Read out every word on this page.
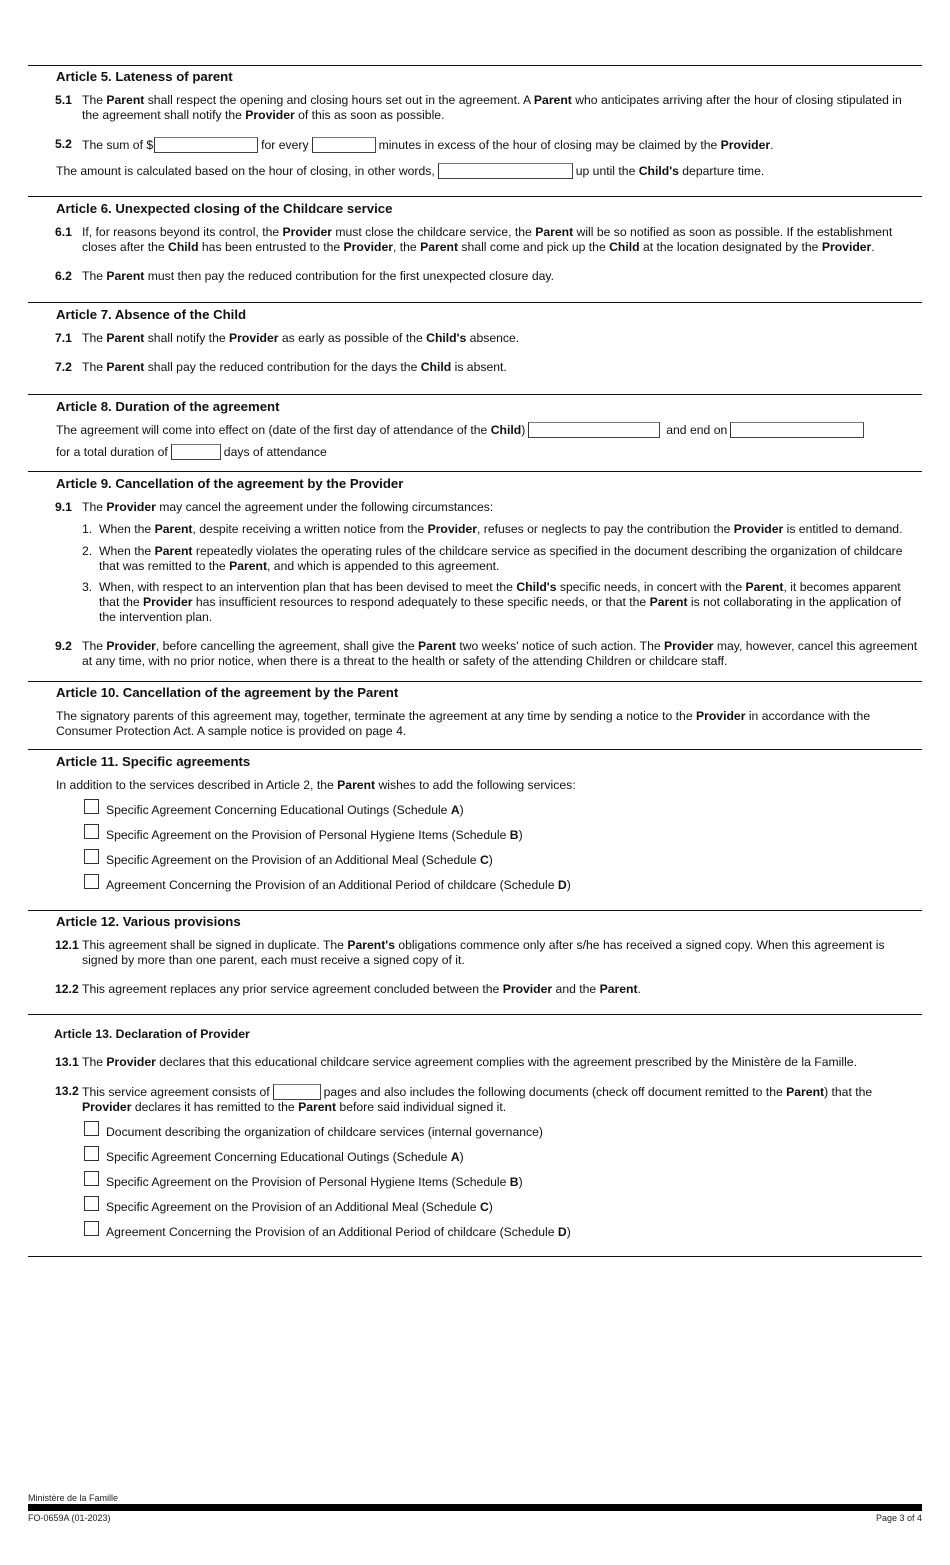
Article 5. Lateness of parent
5.1 The Parent shall respect the opening and closing hours set out in the agreement. A Parent who anticipates arriving after the hour of closing stipulated in the agreement shall notify the Provider of this as soon as possible.
5.2 The sum of $	for every	minutes in excess of the hour of closing may be claimed by the Provider.
The amount is calculated based on the hour of closing, in other words,	up until the Child's departure time.
Article 6. Unexpected closing of the Childcare service
6.1 If, for reasons beyond its control, the Provider must close the childcare service, the Parent will be so notified as soon as possible. If the establishment closes after the Child has been entrusted to the Provider, the Parent shall come and pick up the Child at the location designated by the Provider.
6.2 The Parent must then pay the reduced contribution for the first unexpected closure day.
Article 7. Absence of the Child
7.1 The Parent shall notify the Provider as early as possible of the Child's absence.
7.2 The Parent shall pay the reduced contribution for the days the Child is absent.
Article 8. Duration of the agreement
The agreement will come into effect on (date of the first day of attendance of the Child)	and end on
for a total duration of	days of attendance
Article 9. Cancellation of the agreement by the Provider
9.1 The Provider may cancel the agreement under the following circumstances:
1. When the Parent, despite receiving a written notice from the Provider, refuses or neglects to pay the contribution the Provider is entitled to demand.
2. When the Parent repeatedly violates the operating rules of the childcare service as specified in the document describing the organization of childcare that was remitted to the Parent, and which is appended to this agreement.
3. When, with respect to an intervention plan that has been devised to meet the Child's specific needs, in concert with the Parent, it becomes apparent that the Provider has insufficient resources to respond adequately to these specific needs, or that the Parent is not collaborating in the application of the intervention plan.
9.2 The Provider, before cancelling the agreement, shall give the Parent two weeks' notice of such action. The Provider may, however, cancel this agreement at any time, with no prior notice, when there is a threat to the health or safety of the attending Children or childcare staff.
Article 10. Cancellation of the agreement by the Parent
The signatory parents of this agreement may, together, terminate the agreement at any time by sending a notice to the Provider in accordance with the Consumer Protection Act. A sample notice is provided on page 4.
Article 11. Specific agreements
In addition to the services described in Article 2, the Parent wishes to add the following services:
Specific Agreement Concerning Educational Outings (Schedule A)
Specific Agreement on the Provision of Personal Hygiene Items (Schedule B)
Specific Agreement on the Provision of an Additional Meal (Schedule C)
Agreement Concerning the Provision of an Additional Period of childcare (Schedule D)
Article 12. Various provisions
12.1 This agreement shall be signed in duplicate. The Parent's obligations commence only after s/he has received a signed copy. When this agreement is signed by more than one parent, each must receive a signed copy of it.
12.2 This agreement replaces any prior service agreement concluded between the Provider and the Parent.
Article 13. Declaration of Provider
13.1 The Provider declares that this educational childcare service agreement complies with the agreement prescribed by the Ministère de la Famille.
13.2 This service agreement consists of	pages and also includes the following documents (check off document remitted to the Parent) that the Provider declares it has remitted to the Parent before said individual signed it.
Document describing the organization of childcare services (internal governance)
Specific Agreement Concerning Educational Outings (Schedule A)
Specific Agreement on the Provision of Personal Hygiene Items (Schedule B)
Specific Agreement on the Provision of an Additional Meal (Schedule C)
Agreement Concerning the Provision of an Additional Period of childcare (Schedule D)
Ministère de la Famille
FO-0659A (01-2023)	Page 3 of 4
